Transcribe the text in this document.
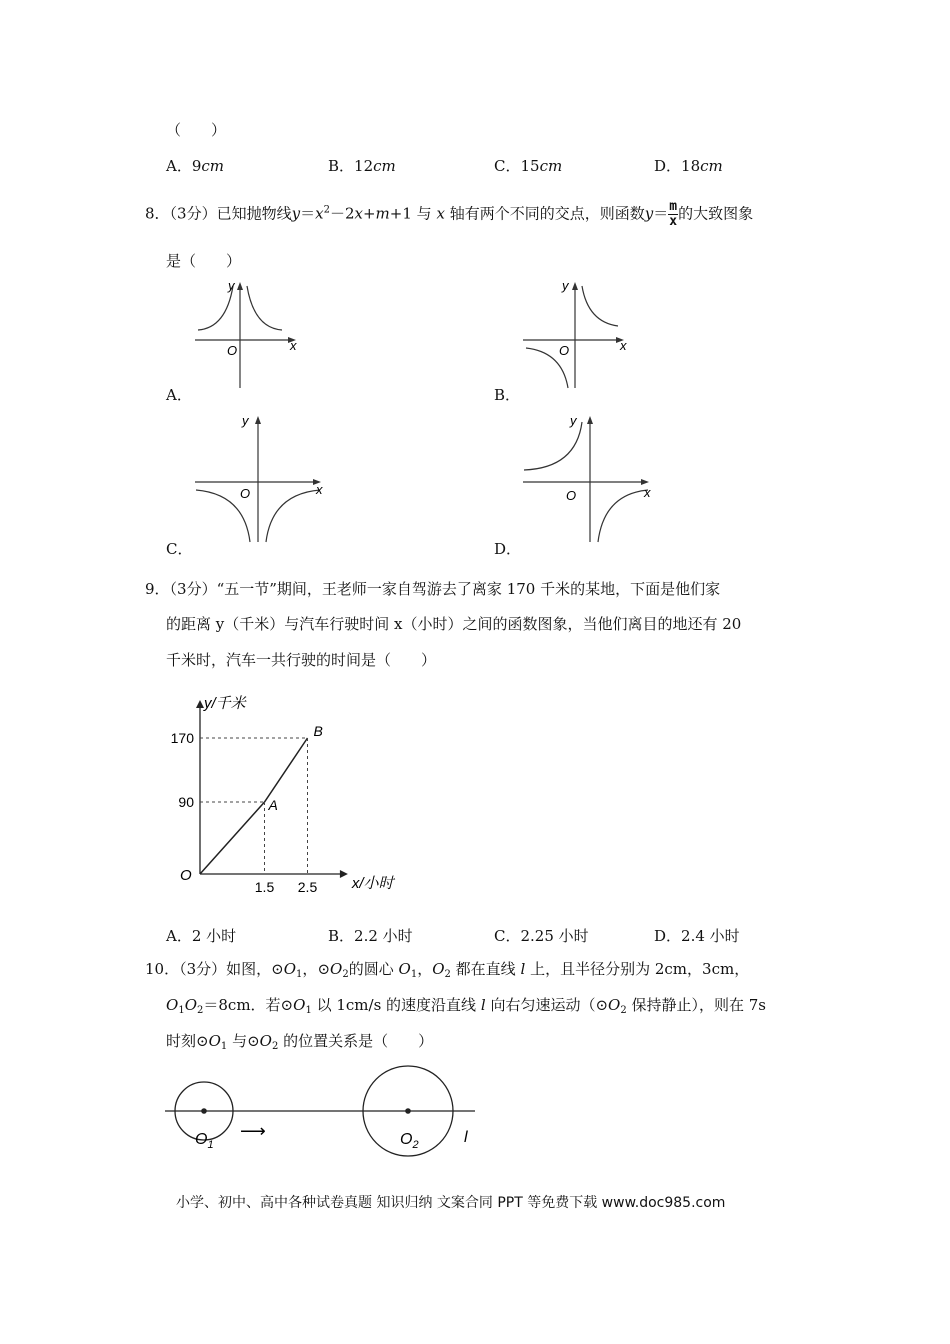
（　　）
A．9cm	B．12cm	C．15cm	D．18cm
8．（3分）已知抛物线$y=x^2-2x+m+1$ 与 x 轴有两个不同的交点，则函数$y= \frac{m}{x}$ 的大致图象
是（　　）
y
x
O
A．
y
x
O
B．
y
x
O
C．
y
x
O
D．
9．（3分）“五一节”期间，王老师一家自驾游去了离家 170 千米的某地，下面是他们家
的距离 y（千米）与汽车行驶时间 x（小时）之间的函数图象，当他们离目的地还有 20
千米时，汽车一共行驶的时间是（　　）
y/千米
x/小时
O
A
B
1.5 2.5
90
170
A．2 小时	B．2.2 小时	C．2.25 小时	D．2.4 小时
10．（3分）如图，$⊙O_1$，$⊙O_2$的圆心 $O_1$，$O_2$ 都在直线 l 上，且半径分别为 2cm，3cm，
$O_1O_2=8cm$．若$⊙O_1$ 以 1cm/s 的速度沿直线 l 向右匀速运动（$⊙O_2$ 保持静止），则在 7s
时刻$⊙O_1$ 与$⊙O_2$ 的位置关系是（　　）
$O_1$	$O_2$
⟶	l
小学、初中、高中各种试卷真题 知识归纳 文案合同 PPT 等免费下载 www.doc985.com
